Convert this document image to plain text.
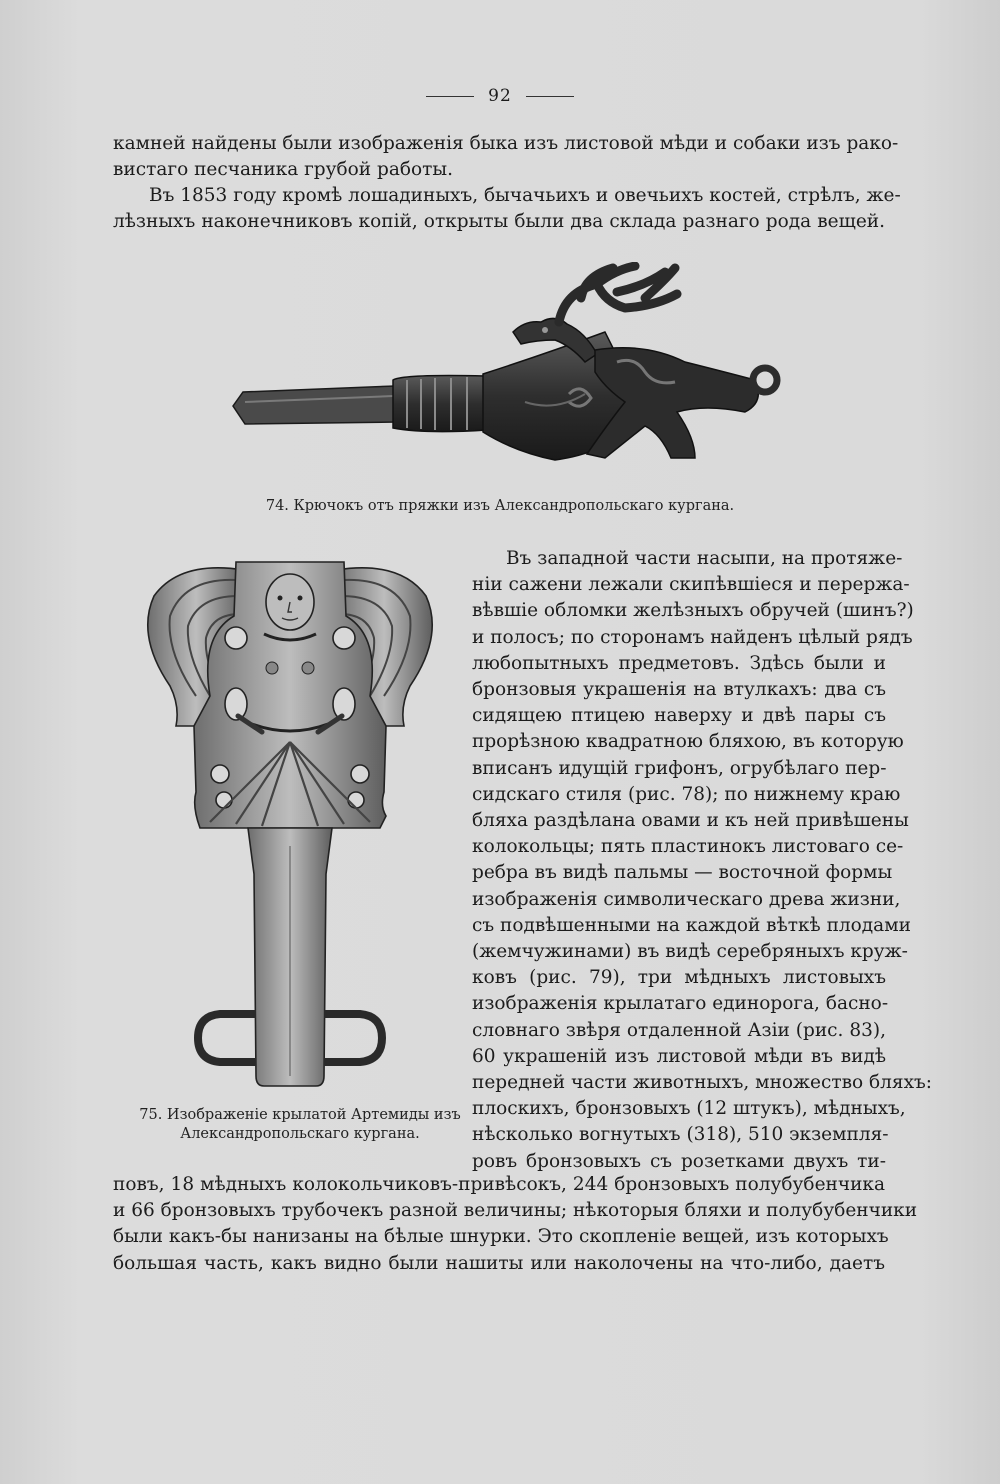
92
камней найдены были изображенія быка изъ листовой мѣди и собаки изъ рако-
вистаго песчаника грубой работы.
Въ 1853 году кромѣ лошадиныхъ, бычачьихъ и овечьихъ костей, стрѣлъ, же-
лѣзныхъ наконечниковъ копій, открыты были два склада разнаго рода вещей.
74. Крючокъ отъ пряжки изъ Александропольскаго кургана.
75. Изображеніе крылатой Артемиды изъ
Александропольскаго кургана.
Въ западной части насыпи, на протяже-
ніи сажени лежали скипѣвшіеся и перержа-
вѣвшіе обломки желѣзныхъ обручей (шинъ?)
и полосъ; по сторонамъ найденъ цѣлый рядъ
любопытныхъ предметовъ. Здѣсь были и
бронзовыя украшенія на втулкахъ: два съ
сидящею птицею наверху и двѣ пары съ
прорѣзною квадратною бляхою, въ которую
вписанъ идущій грифонъ, огрубѣлаго пер-
сидскаго стиля (рис. 78); по нижнему краю
бляха раздѣлана овами и къ ней привѣшены
колокольцы; пять пластинокъ листоваго се-
ребра въ видѣ пальмы — восточной формы
изображенія символическаго древа жизни,
съ подвѣшенными на каждой вѣткѣ плодами
(жемчужинами) въ видѣ серебряныхъ круж-
ковъ (рис. 79), три мѣдныхъ листовыхъ
изображенія крылатаго единорога, басно-
словнаго звѣря отдаленной Азіи (рис. 83),
60 украшеній изъ листовой мѣди въ видѣ
передней части животныхъ, множество бляхъ:
плоскихъ, бронзовыхъ (12 штукъ), мѣдныхъ,
нѣсколько вогнутыхъ (318), 510 экземпля-
ровъ бронзовыхъ съ розетками двухъ ти-
повъ, 18 мѣдныхъ колокольчиковъ-привѣсокъ, 244 бронзовыхъ полубубенчика
и 66 бронзовыхъ трубочекъ разной величины; нѣкоторыя бляхи и полубубенчики
были какъ-бы нанизаны на бѣлые шнурки. Это скопленіе вещей, изъ которыхъ
большая часть, какъ видно были нашиты или наколочены на что-либо, даетъ
